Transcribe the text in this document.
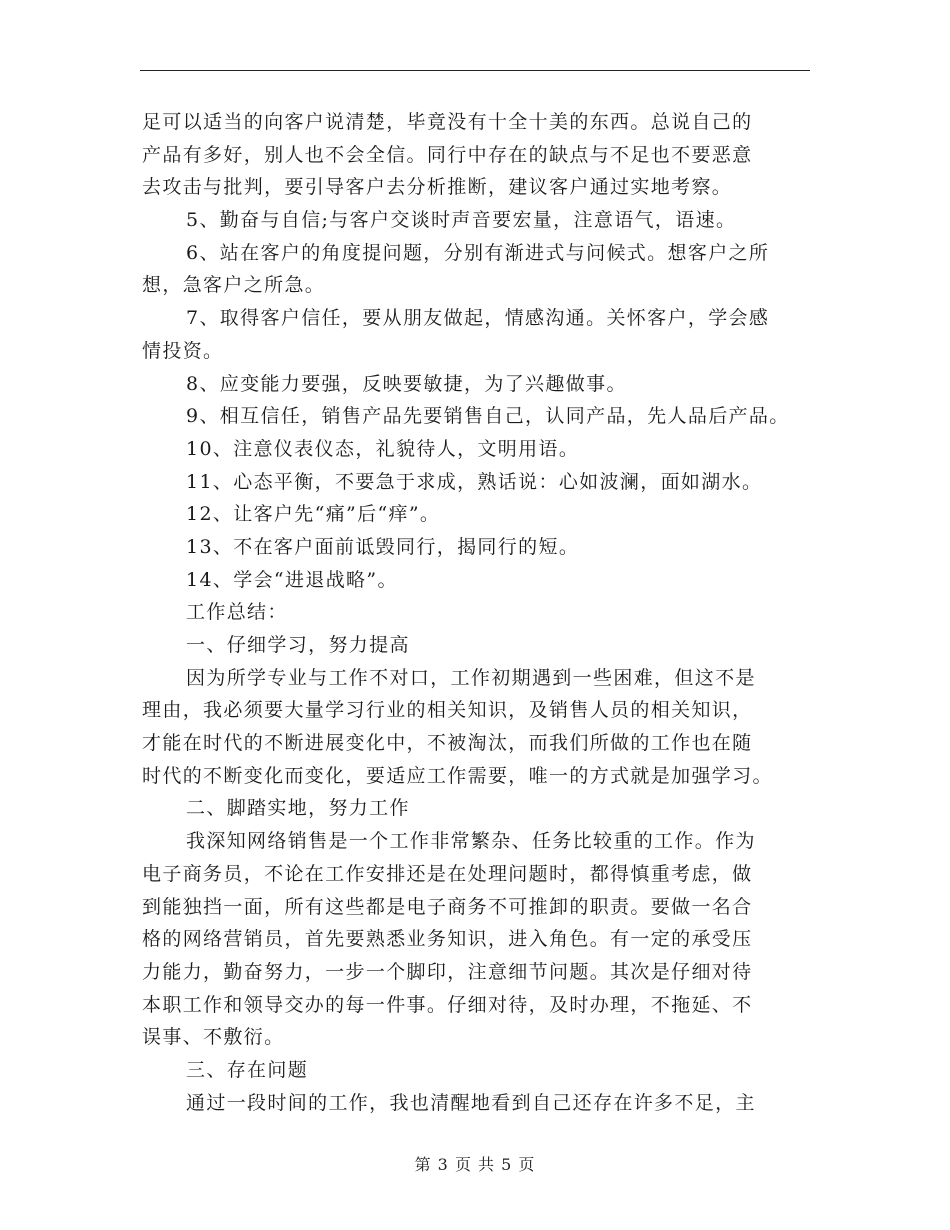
足可以适当的向客户说清楚，毕竟没有十全十美的东西。总说自己的
产品有多好，别人也不会全信。同行中存在的缺点与不足也不要恶意
去攻击与批判，要引导客户去分析推断，建议客户通过实地考察。
5、勤奋与自信;与客户交谈时声音要宏量，注意语气，语速。
6、站在客户的角度提问题，分别有渐进式与问候式。想客户之所
想，急客户之所急。
7、取得客户信任，要从朋友做起，情感沟通。关怀客户，学会感
情投资。
8、应变能力要强，反映要敏捷，为了兴趣做事。
9、相互信任，销售产品先要销售自己，认同产品，先人品后产品。
10、注意仪表仪态，礼貌待人，文明用语。
11、心态平衡，不要急于求成，熟话说：心如波澜，面如湖水。
12、让客户先“痛”后“痒”。
13、不在客户面前诋毁同行，揭同行的短。
14、学会“进退战略”。
工作总结：
一、仔细学习，努力提高
因为所学专业与工作不对口，工作初期遇到一些困难，但这不是
理由，我必须要大量学习行业的相关知识，及销售人员的相关知识，
才能在时代的不断进展变化中，不被淘汰，而我们所做的工作也在随
时代的不断变化而变化，要适应工作需要，唯一的方式就是加强学习。
二、脚踏实地，努力工作
我深知网络销售是一个工作非常繁杂、任务比较重的工作。作为
电子商务员，不论在工作安排还是在处理问题时，都得慎重考虑，做
到能独挡一面，所有这些都是电子商务不可推卸的职责。要做一名合
格的网络营销员，首先要熟悉业务知识，进入角色。有一定的承受压
力能力，勤奋努力，一步一个脚印，注意细节问题。其次是仔细对待
本职工作和领导交办的每一件事。仔细对待，及时办理，不拖延、不
误事、不敷衍。
三、存在问题
通过一段时间的工作，我也清醒地看到自己还存在许多不足，主
第 3 页 共 5 页
